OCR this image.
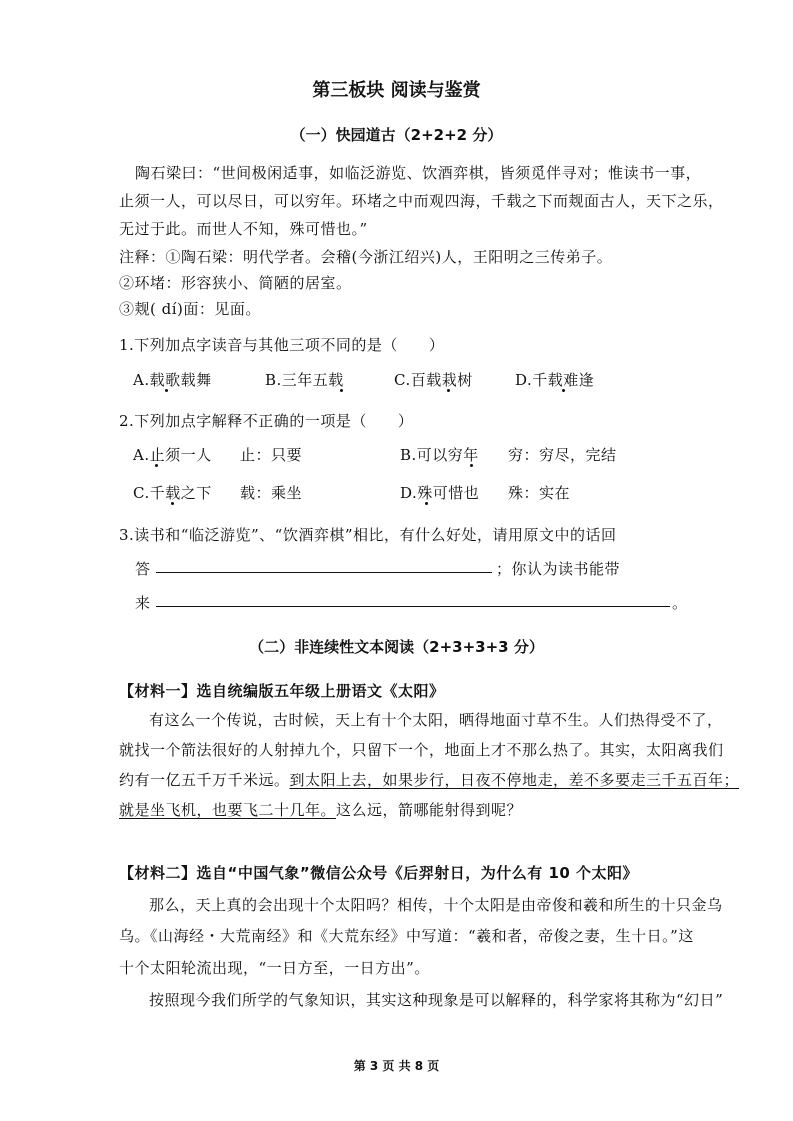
第三板块 阅读与鉴赏
（一）快园道古（2+2+2 分）
陶石梁曰：“世间极闲适事，如临泛游览、饮酒弈棋，皆须觅伴寻对；惟读书一事，
止须一人，可以尽日，可以穷年。环堵之中而观四海，千载之下而觌面古人，天下之乐，
无过于此。而世人不知，殊可惜也。”
注释：①陶石梁：明代学者。会稽(今浙江绍兴)人，王阳明之三传弟子。
②环堵：形容狭小、简陋的居室。
③觌( dí)面：见面。
1.下列加点字读音与其他三项不同的是（　　）
A.载歌载舞	B.三年五载	C.百载栽树	D.千载难逢
2.下列加点字解释不正确的一项是（　　）
A.止须一人 止：只要	B.可以穷年 穷：穷尽，完结
C.千载之下 载：乘坐	D.殊可惜也 殊：实在
3.读书和“临泛游览”、“饮酒弈棋”相比，有什么好处，请用原文中的话回
答	；你认为读书能带
来	。
（二）非连续性文本阅读（2+3+3+3 分）
【材料一】选自统编版五年级上册语文《太阳》
有这么一个传说，古时候，天上有十个太阳，晒得地面寸草不生。人们热得受不了，
就找一个箭法很好的人射掉九个，只留下一个，地面上才不那么热了。其实，太阳离我们
约有一亿五千万千米远。到太阳上去，如果步行，日夜不停地走，差不多要走三千五百年；
就是坐飞机，也要飞二十几年。这么远，箭哪能射得到呢？
【材料二】选自“中国气象”微信公众号《后羿射日，为什么有 10 个太阳》
那么，天上真的会出现十个太阳吗？相传，十个太阳是由帝俊和羲和所生的十只金乌
乌。《山海经・大荒南经》和《大荒东经》中写道：“羲和者，帝俊之妻，生十日。”这
十个太阳轮流出现，“一日方至，一日方出”。
按照现今我们所学的气象知识，其实这种现象是可以解释的，科学家将其称为“幻日”
第 3 页 共 8 页
